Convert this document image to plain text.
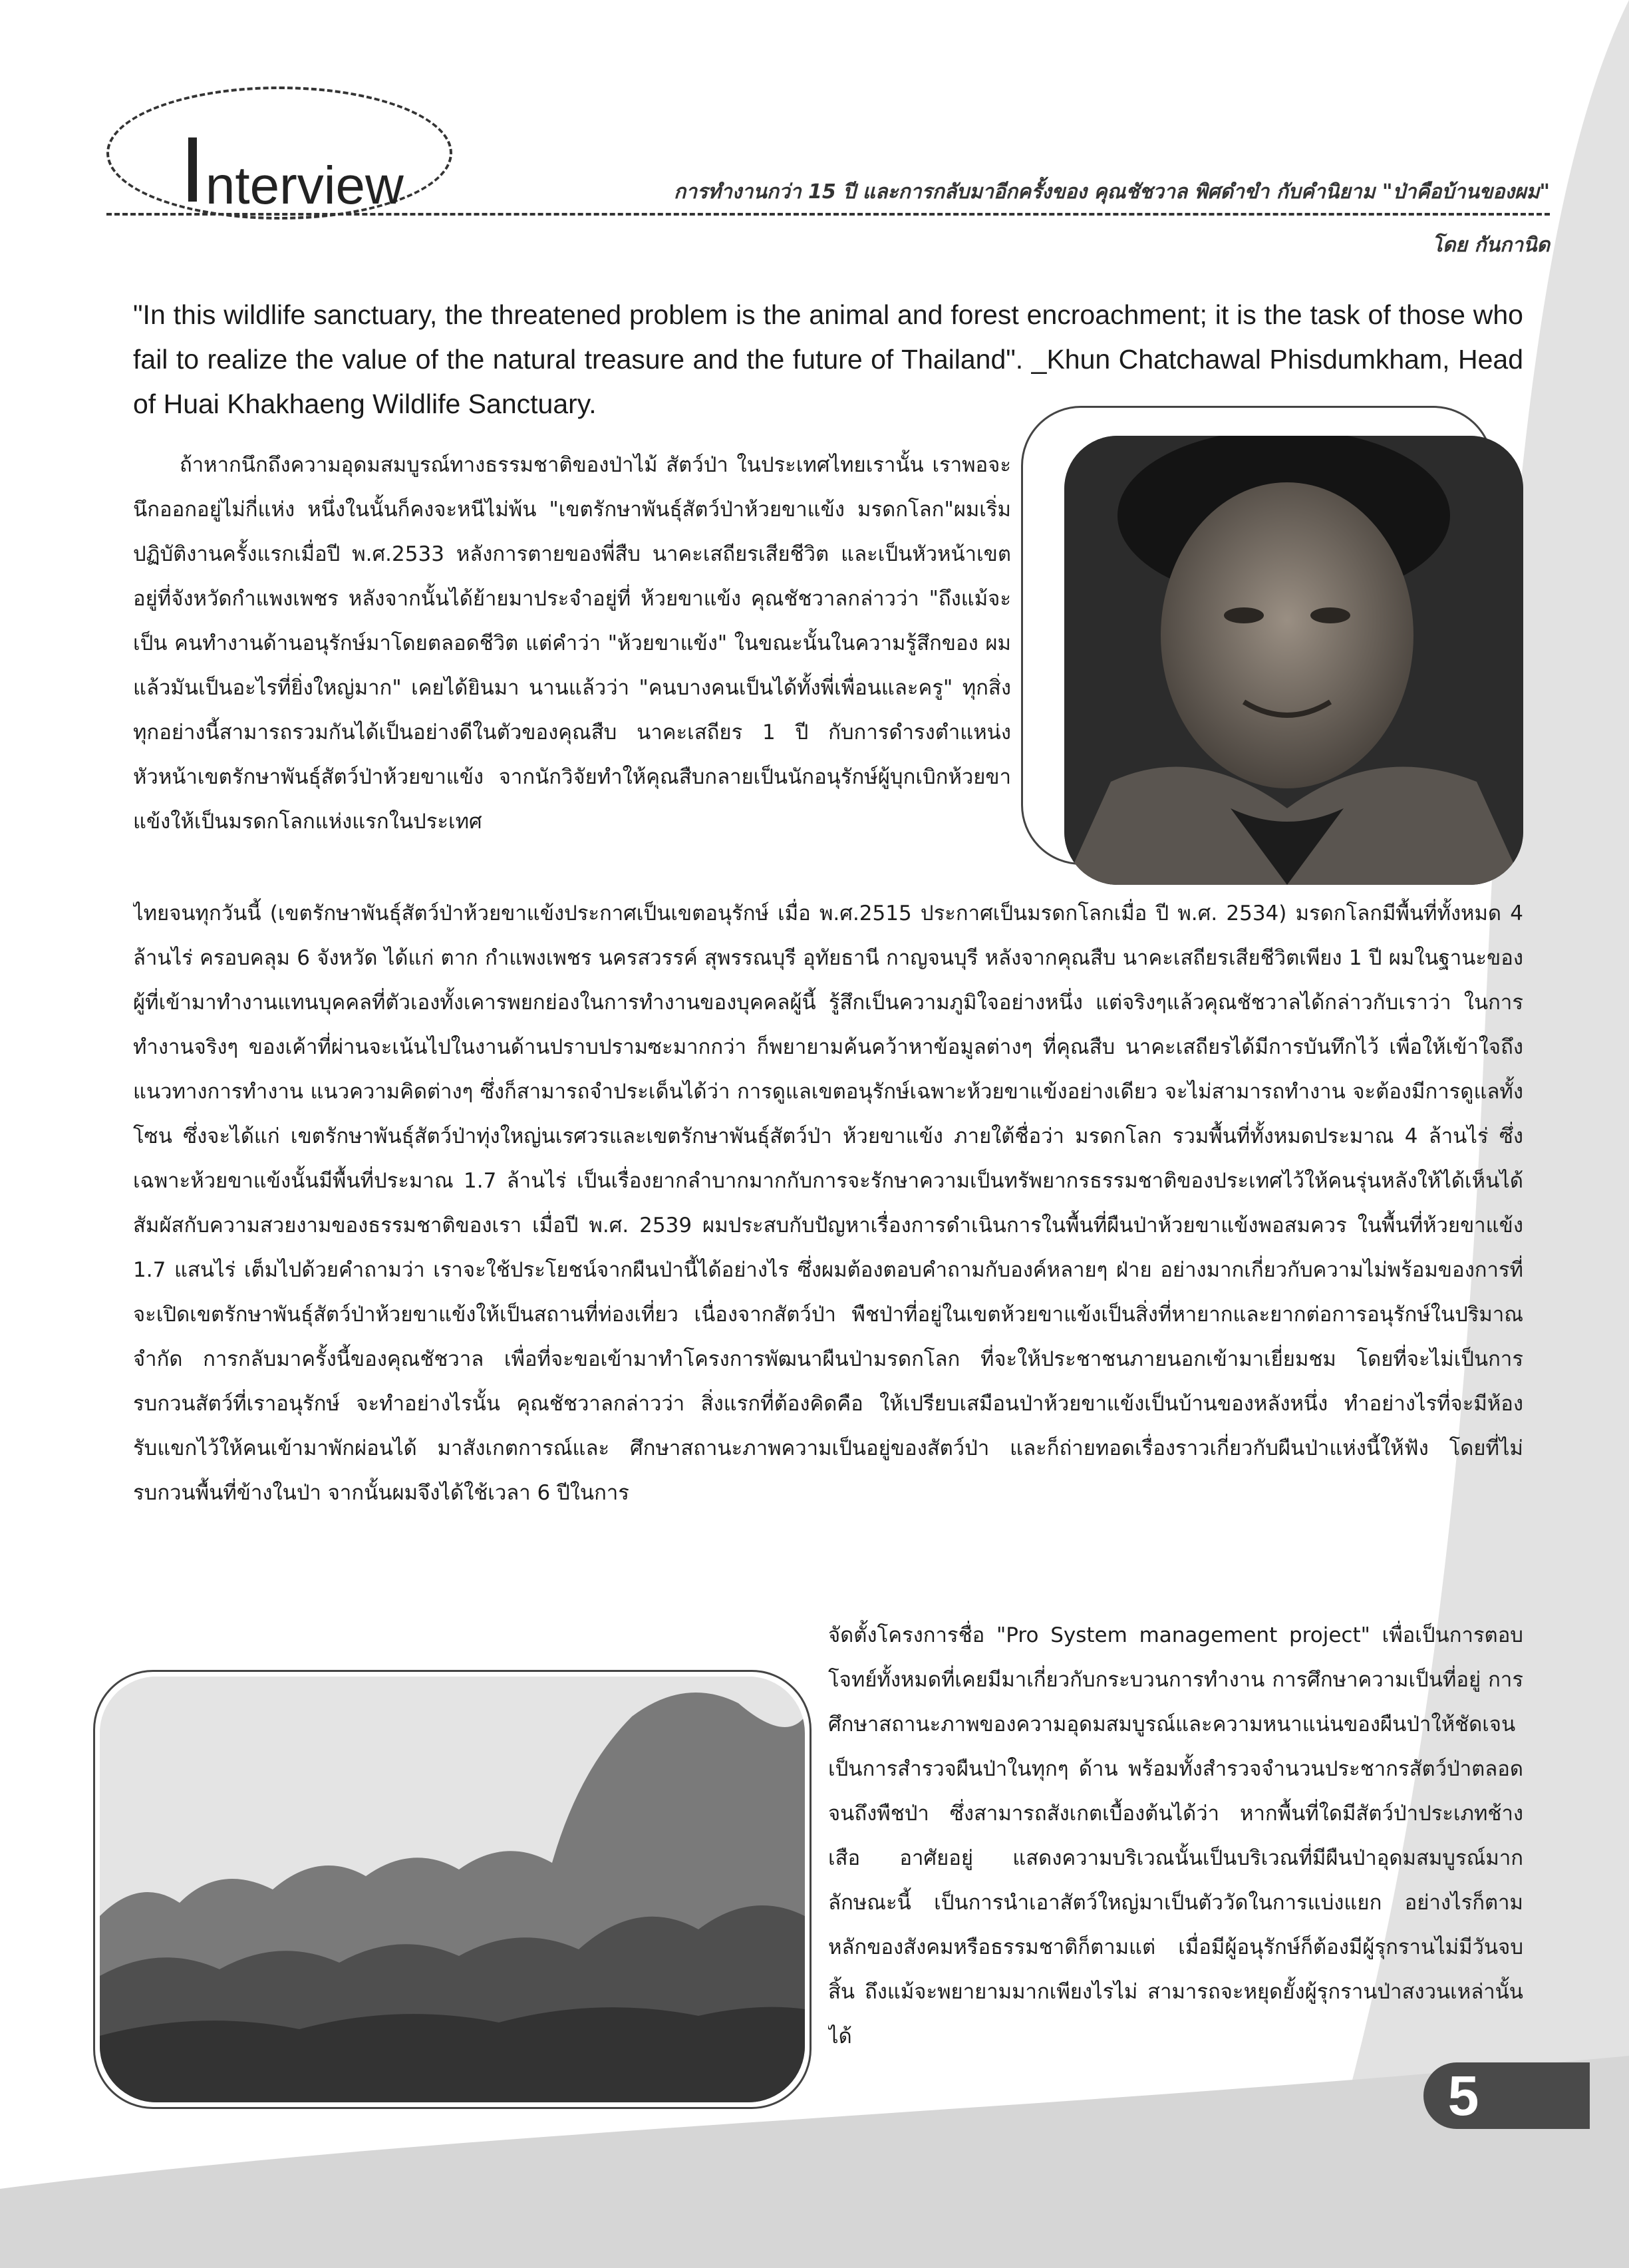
Interview	การทำงานกว่า 15 ปี และการกลับมาอีกครั้งของ คุณชัชวาล พิศดำขำ กับคำนิยาม "ป่าคือบ้านของผม"
โดย กันกานิด
"In this wildlife sanctuary, the threatened problem is the animal and forest encroachment; it is the task of those who fail to realize the value of the natural treasure and the future of Thailand". _Khun Chatchawal Phisdumkham, Head of Huai Khakhaeng Wildlife Sanctuary.

ถ้าหากนึกถึงความอุดมสมบูรณ์ทางธรรมชาติของป่าไม้ สัตว์ป่า ในประเทศไทยเรานั้น เราพอจะนึกออกอยู่ไม่กี่แห่ง หนึ่งในนั้นก็คงจะหนีไม่พ้น "เขตรักษาพันธุ์สัตว์ป่าห้วยขาแข้ง มรดกโลก"ผมเริ่มปฏิบัติงานครั้งแรกเมื่อปี พ.ศ.2533 หลังการตายของพี่สืบ นาคะเสถียรเสียชีวิต และเป็นหัวหน้าเขตอยู่ที่จังหวัดกำแพงเพชร หลังจากนั้นได้ย้ายมาประจำอยู่ที่ ห้วยขาแข้ง คุณชัชวาลกล่าวว่า "ถึงแม้จะเป็น คนทำงานด้านอนุรักษ์มาโดยตลอดชีวิต แต่คำว่า "ห้วยขาแข้ง" ในขณะนั้นในความรู้สึกของ ผมแล้วมันเป็นอะไรที่ยิ่งใหญ่มาก" เคยได้ยินมา นานแล้วว่า "คนบางคนเป็นได้ทั้งพี่เพื่อนและครู" ทุกสิ่งทุกอย่างนี้สามารถรวมกันได้เป็นอย่างดีในตัวของคุณสืบ นาคะเสถียร 1 ปี กับการดำรงตำแหน่งหัวหน้าเขตรักษาพันธุ์สัตว์ป่าห้วยขาแข้ง จากนักวิจัยทำให้คุณสืบกลายเป็นนักอนุรักษ์ผู้บุกเบิกห้วยขาแข้งให้เป็นมรดกโลกแห่งแรกในประเทศ

ไทยจนทุกวันนี้ (เขตรักษาพันธุ์สัตว์ป่าห้วยขาแข้งประกาศเป็นเขตอนุรักษ์ เมื่อ พ.ศ.2515 ประกาศเป็นมรดกโลกเมื่อ ปี พ.ศ. 2534) มรดกโลกมีพื้นที่ทั้งหมด 4 ล้านไร่ ครอบคลุม 6 จังหวัด ได้แก่ ตาก กำแพงเพชร นครสวรรค์ สุพรรณบุรี อุทัยธานี กาญจนบุรี หลังจากคุณสืบ นาคะเสถียรเสียชีวิตเพียง 1 ปี ผมในฐานะของผู้ที่เข้ามาทำงานแทนบุคคลที่ตัวเองทั้งเคารพยกย่องในการทำงานของบุคคลผู้นี้ รู้สึกเป็นความภูมิใจอย่างหนึ่ง แต่จริงๆแล้วคุณชัชวาลได้กล่าวกับเราว่า ในการทำงานจริงๆ ของเค้าที่ผ่านจะเน้นไปในงานด้านปราบปรามซะมากกว่า ก็พยายามค้นคว้าหาข้อมูลต่างๆ ที่คุณสืบ นาคะเสถียรได้มีการบันทึกไว้ เพื่อให้เข้าใจถึงแนวทางการทำงาน แนวความคิดต่างๆ ซึ่งก็สามารถจำประเด็นได้ว่า การดูแลเขตอนุรักษ์เฉพาะห้วยขาแข้งอย่างเดียว จะไม่สามารถทำงาน จะต้องมีการดูแลทั้งโซน ซึ่งจะได้แก่ เขตรักษาพันธุ์สัตว์ป่าทุ่งใหญ่นเรศวรและเขตรักษาพันธุ์สัตว์ป่า ห้วยขาแข้ง ภายใต้ชื่อว่า มรดกโลก รวมพื้นที่ทั้งหมดประมาณ 4 ล้านไร่ ซึ่งเฉพาะห้วยขาแข้งนั้นมีพื้นที่ประมาณ 1.7 ล้านไร่ เป็นเรื่องยากลำบากมากกับการจะรักษาความเป็นทรัพยากรธรรมชาติของประเทศไว้ให้คนรุ่นหลังให้ได้เห็นได้สัมผัสกับความสวยงามของธรรมชาติของเรา เมื่อปี พ.ศ. 2539 ผมประสบกับปัญหาเรื่องการดำเนินการในพื้นที่ผืนป่าห้วยขาแข้งพอสมควร ในพื้นที่ห้วยขาแข้ง 1.7 แสนไร่ เต็มไปด้วยคำถามว่า เราจะใช้ประโยชน์จากผืนป่านี้ได้อย่างไร ซึ่งผมต้องตอบคำถามกับองค์หลายๆ ฝ่าย อย่างมากเกี่ยวกับความไม่พร้อมของการที่จะเปิดเขตรักษาพันธุ์สัตว์ป่าห้วยขาแข้งให้เป็นสถานที่ท่องเที่ยว เนื่องจากสัตว์ป่า พืชป่าที่อยู่ในเขตห้วยขาแข้งเป็นสิ่งที่หายากและยากต่อการอนุรักษ์ในปริมาณจำกัด การกลับมาครั้งนี้ของคุณชัชวาล เพื่อที่จะขอเข้ามาทำโครงการพัฒนาผืนป่ามรดกโลก ที่จะให้ประชาชนภายนอกเข้ามาเยี่ยมชม โดยที่จะไม่เป็นการรบกวนสัตว์ที่เราอนุรักษ์ จะทำอย่างไรนั้น คุณชัชวาลกล่าวว่า สิ่งแรกที่ต้องคิดคือ ให้เปรียบเสมือนป่าห้วยขาแข้งเป็นบ้านของหลังหนึ่ง ทำอย่างไรที่จะมีห้องรับแขกไว้ให้คนเข้ามาพักผ่อนได้ มาสังเกตการณ์และ ศึกษาสถานะภาพความเป็นอยู่ของสัตว์ป่า และก็ถ่ายทอดเรื่องราวเกี่ยวกับผืนป่าแห่งนี้ให้ฟัง โดยที่ไม่รบกวนพื้นที่ข้างในป่า จากนั้นผมจึงได้ใช้เวลา 6 ปีในการ

จัดตั้งโครงการชื่อ "Pro System management project" เพื่อเป็นการตอบโจทย์ทั้งหมดที่เคยมีมาเกี่ยวกับกระบวนการทำงาน การศึกษาความเป็นที่อยู่ การศึกษาสถานะภาพของความอุดมสมบูรณ์และความหนาแน่นของผืนป่าให้ชัดเจน เป็นการสำรวจผืนป่าในทุกๆ ด้าน พร้อมทั้งสำรวจจำนวนประชากรสัตว์ป่าตลอดจนถึงพืชป่า ซึ่งสามารถสังเกตเบื้องต้นได้ว่า หากพื้นที่ใดมีสัตว์ป่าประเภทช้าง เสือ อาศัยอยู่ แสดงความบริเวณนั้นเป็นบริเวณที่มีผืนป่าอุดมสมบูรณ์มาก ลักษณะนี้ เป็นการนำเอาสัตว์ใหญ่มาเป็นตัววัดในการแบ่งแยก อย่างไรก็ตาม หลักของสังคมหรือธรรมชาติก็ตามแต่ เมื่อมีผู้อนุรักษ์ก็ต้องมีผู้รุกรานไม่มีวันจบสิ้น ถึงแม้จะพยายามมากเพียงไรไม่ สามารถจะหยุดยั้งผู้รุกรานป่าสงวนเหล่านั้นได้

5
